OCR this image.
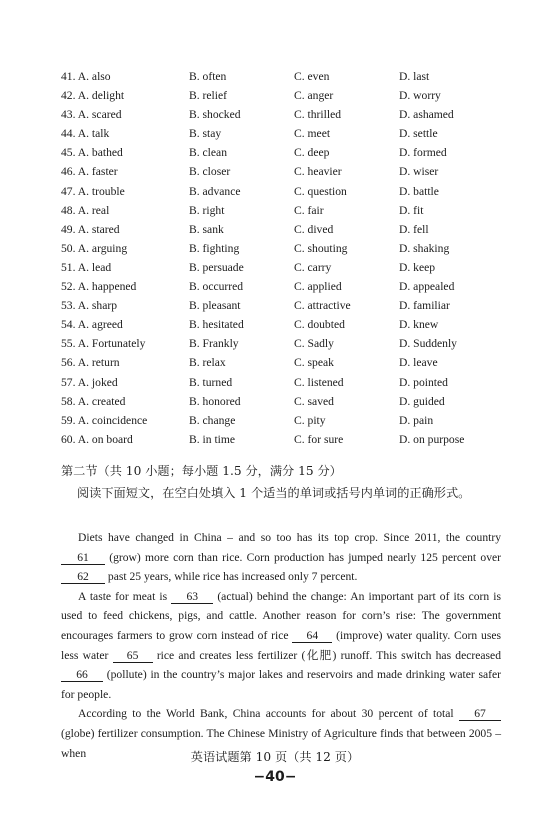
41. A. also	B. often	C. even	D. last
42. A. delight	B. relief	C. anger	D. worry
43. A. scared	B. shocked	C. thrilled	D. ashamed
44. A. talk	B. stay	C. meet	D. settle
45. A. bathed	B. clean	C. deep	D. formed
46. A. faster	B. closer	C. heavier	D. wiser
47. A. trouble	B. advance	C. question	D. battle
48. A. real	B. right	C. fair	D. fit
49. A. stared	B. sank	C. dived	D. fell
50. A. arguing	B. fighting	C. shouting	D. shaking
51. A. lead	B. persuade	C. carry	D. keep
52. A. happened	B. occurred	C. applied	D. appealed
53. A. sharp	B. pleasant	C. attractive	D. familiar
54. A. agreed	B. hesitated	C. doubted	D. knew
55. A. Fortunately	B. Frankly	C. Sadly	D. Suddenly
56. A. return	B. relax	C. speak	D. leave
57. A. joked	B. turned	C. listened	D. pointed
58. A. created	B. honored	C. saved	D. guided
59. A. coincidence	B. change	C. pity	D. pain
60. A. on board	B. in time	C. for sure	D. on purpose
第二节（共 10 小题；每小题 1.5 分，满分 15 分）
阅读下面短文，在空白处填入 1 个适当的单词或括号内单词的正确形式。

Diets have changed in China – and so too has its top crop. Since 2011, the country 61 (grow) more corn than rice. Corn production has jumped nearly 125 percent over 62 past 25 years, while rice has increased only 7 percent.

A taste for meat is 63 (actual) behind the change: An important part of its corn is used to feed chickens, pigs, and cattle. Another reason for corn’s rise: The government encourages farmers to grow corn instead of rice 64 (improve) water quality. Corn uses less water 65 rice and creates less fertilizer (化肥) runoff. This switch has decreased 66 (pollute) in the country’s major lakes and reservoirs and made drinking water safer for people.

According to the World Bank, China accounts for about 30 percent of total 67 (globe) fertilizer consumption. The Chinese Ministry of Agriculture finds that between 2005 – when	英语试题第 10 页（共 12 页）
−40−
